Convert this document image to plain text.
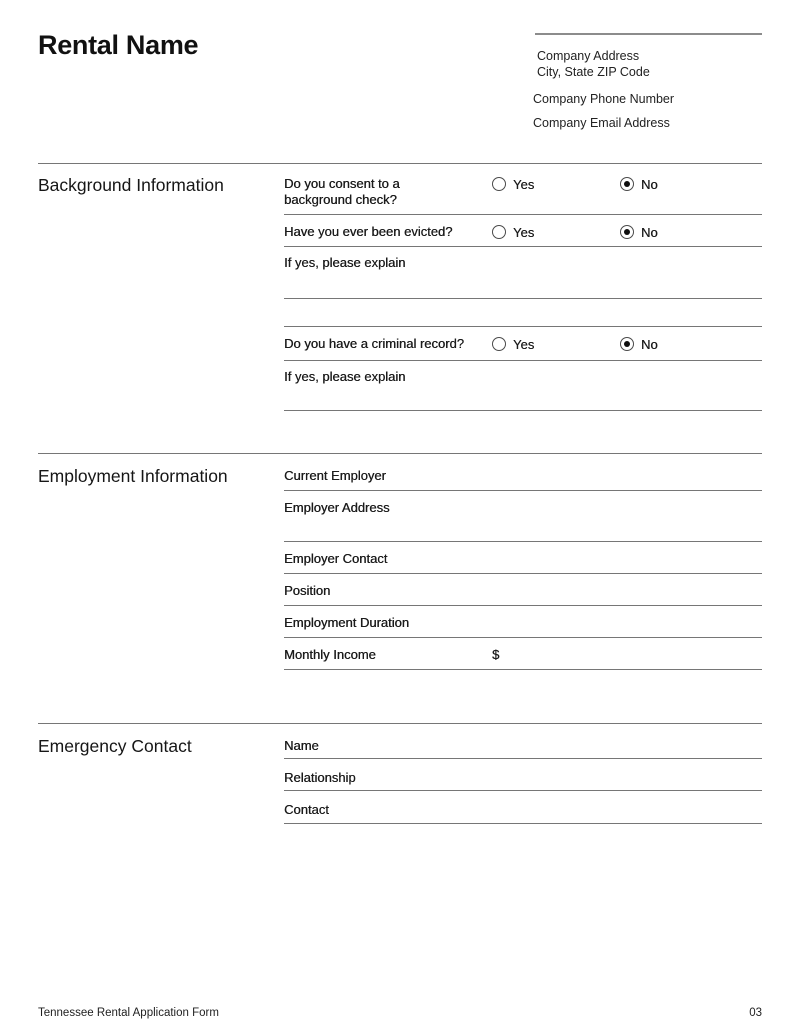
Rental Name	Company Address
City, State ZIP Code
Company Phone Number
Company Email Address
Background Information	Do you consent to a background check?
Yes	No
Have you ever been evicted?	Yes	No
If yes, please explain
Do you have a criminal record?	Yes	No
If yes, please explain
Employment Information	Current Employer
Employer Address
Employer Contact
Position
Employment Duration
Monthly Income	$
Emergency Contact	Name
Relationship
Contact
Tennessee Rental Application Form	03
